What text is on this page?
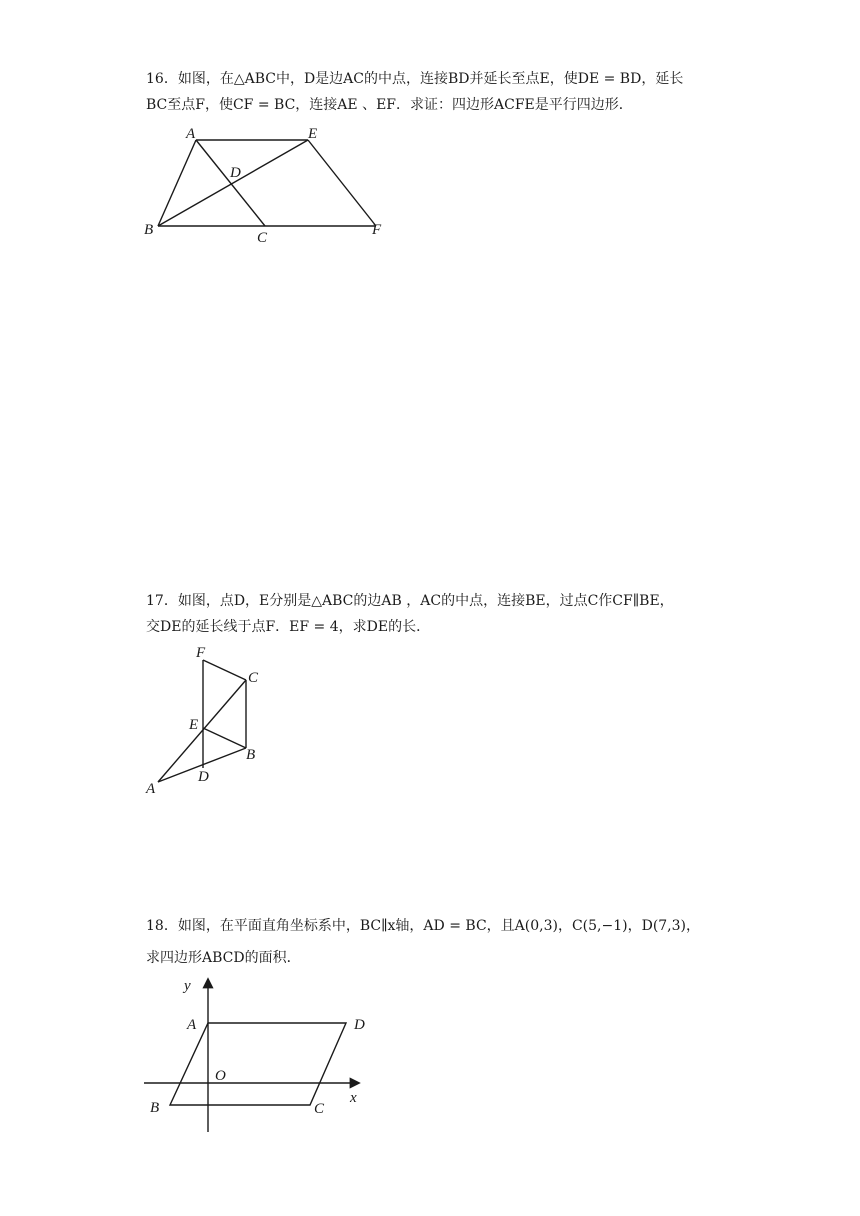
16．如图，在△ABC中，D是边AC的中点，连接BD并延长至点E，使DE = BD，延长

BC至点F，使CF = BC，连接AE 、EF．求证：四边形ACFE是平行四边形．

A	E
D
B	C	F

17．如图，点D，E分别是△ABC的边AB ，AC的中点，连接BE，过点C作CF∥BE，

交DE的延长线于点F．EF = 4，求DE的长．

F
C
E
B
D
A

18．如图，在平面直角坐标系中，BC∥x轴，AD = BC，且A(0,3)，C(5,−1)，D(7,3)，

求四边形ABCD的面积．

y
A	D
O
B	C
x
